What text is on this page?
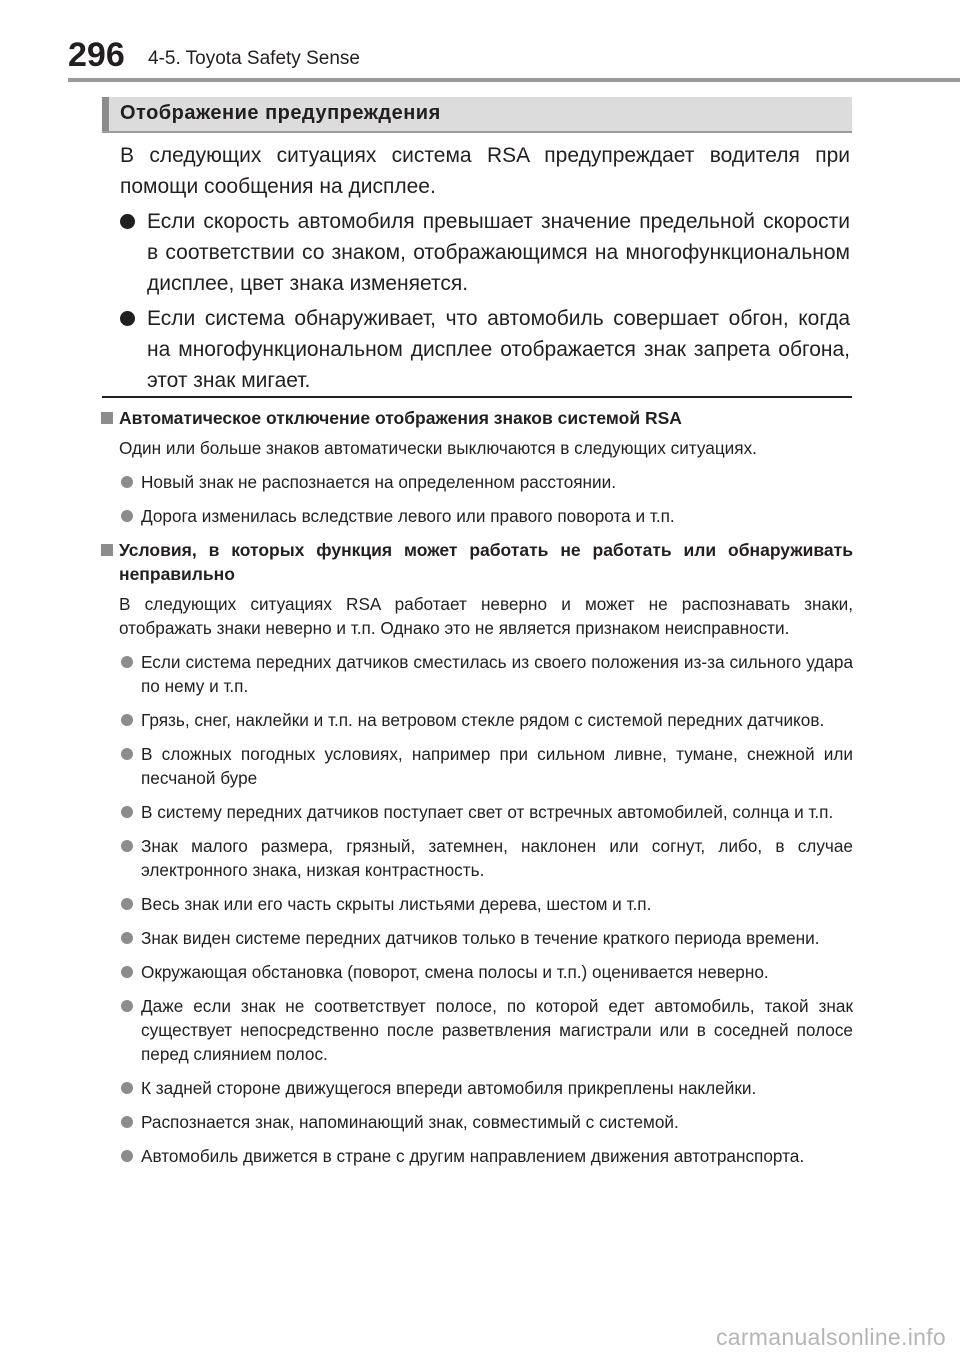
296 4-5. Toyota Safety Sense
Отображение предупреждения

В следующих ситуациях система RSA предупреждает водителя при помощи сообщения на дисплее.

Если скорость автомобиля превышает значение предельной скорости в соответствии со знаком, отображающимся на многофункциональном дисплее, цвет знака изменяется.

Если система обнаруживает, что автомобиль совершает обгон, когда на многофункциональном дисплее отображается знак запрета обгона, этот знак мигает.

Автоматическое отключение отображения знаков системой RSA

Один или больше знаков автоматически выключаются в следующих ситуациях.

Новый знак не распознается на определенном расстоянии.

Дорога изменилась вследствие левого или правого поворота и т.п.

Условия, в которых функция может работать не работать или обнаруживать неправильно

В следующих ситуациях RSA работает неверно и может не распознавать знаки, отображать знаки неверно и т.п. Однако это не является признаком неисправности.

Если система передних датчиков сместилась из своего положения из-за сильного удара по нему и т.п.

Грязь, снег, наклейки и т.п. на ветровом стекле рядом с системой передних датчиков.

В сложных погодных условиях, например при сильном ливне, тумане, снежной или песчаной буре

В систему передних датчиков поступает свет от встречных автомобилей, солнца и т.п.

Знак малого размера, грязный, затемнен, наклонен или согнут, либо, в случае электронного знака, низкая контрастность.

Весь знак или его часть скрыты листьями дерева, шестом и т.п.

Знак виден системе передних датчиков только в течение краткого периода времени.

Окружающая обстановка (поворот, смена полосы и т.п.) оценивается неверно.

Даже если знак не соответствует полосе, по которой едет автомобиль, такой знак существует непосредственно после разветвления магистрали или в соседней полосе перед слиянием полос.

К задней стороне движущегося впереди автомобиля прикреплены наклейки.

Распознается знак, напоминающий знак, совместимый с системой.

Автомобиль движется в стране с другим направлением движения автотранспорта.

carmanualsonline.info
